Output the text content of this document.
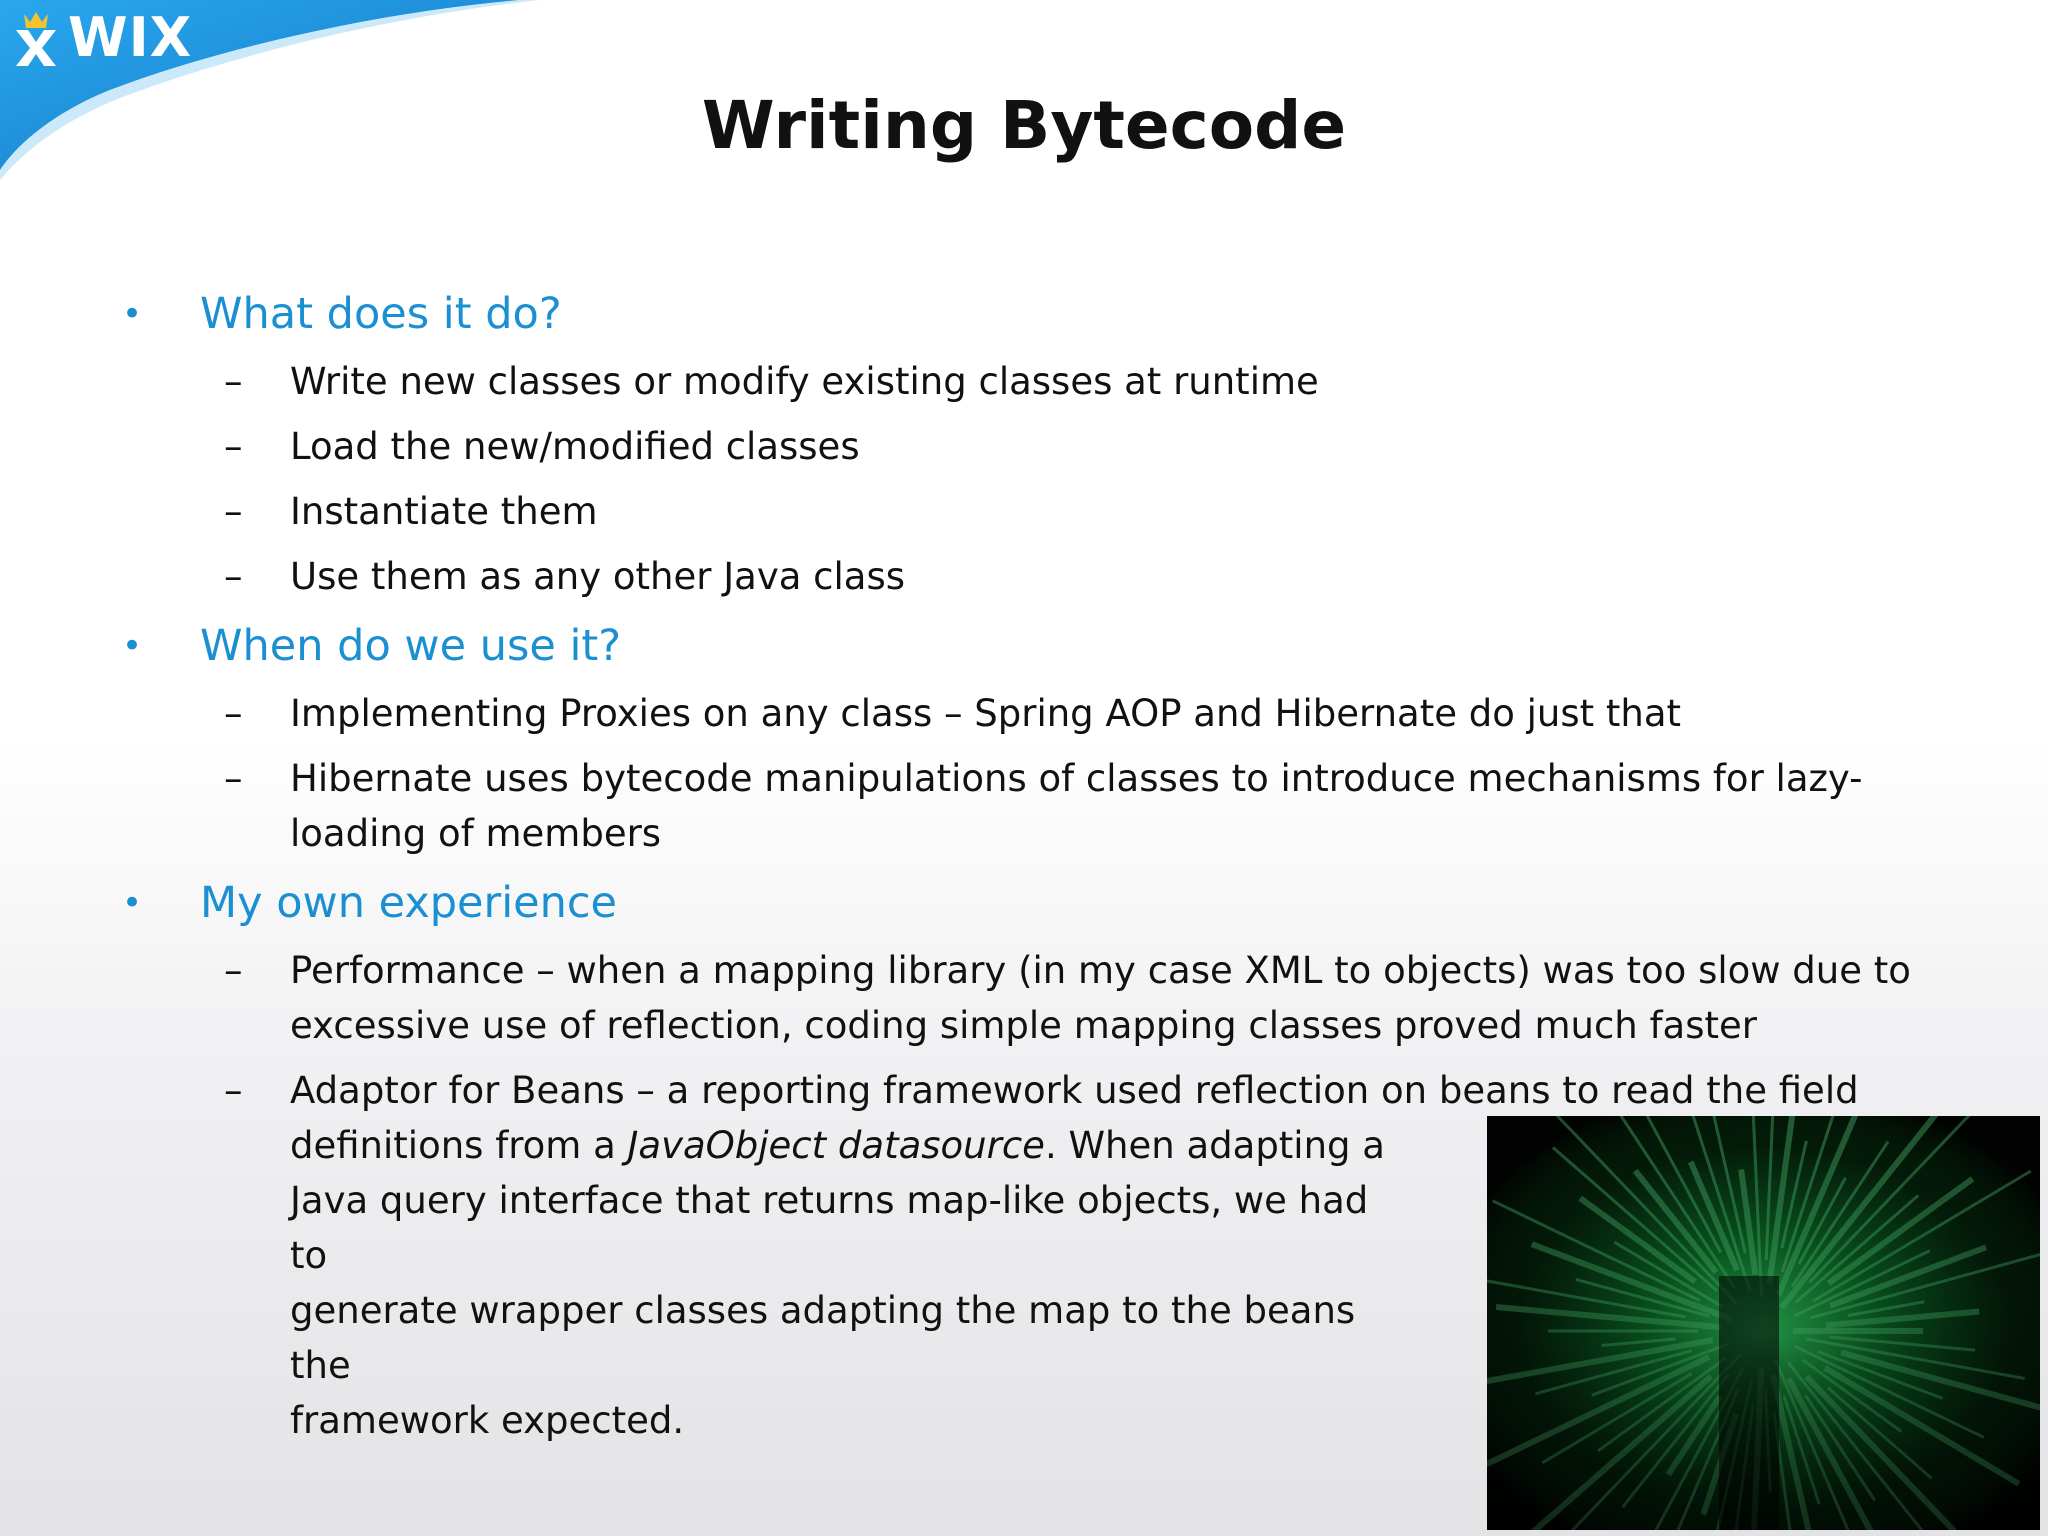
WIX
Writing Bytecode
• What does it do?
– Write new classes or modify existing classes at runtime
– Load the new/modified classes
– Instantiate them
– Use them as any other Java class
• When do we use it?
– Implementing Proxies on any class – Spring AOP and Hibernate do just that
– Hibernate uses bytecode manipulations of classes to introduce mechanisms for lazy-loading of members
• My own experience
– Performance – when a mapping library (in my case XML to objects) was too slow due to excessive use of reflection, coding simple mapping classes proved much faster
– Adaptor for Beans – a reporting framework used reflection on beans to read the field
definitions from a JavaObject datasource. When adapting a
Java query interface that returns map-like objects, we had to
generate wrapper classes adapting the map to the beans the
framework expected.
